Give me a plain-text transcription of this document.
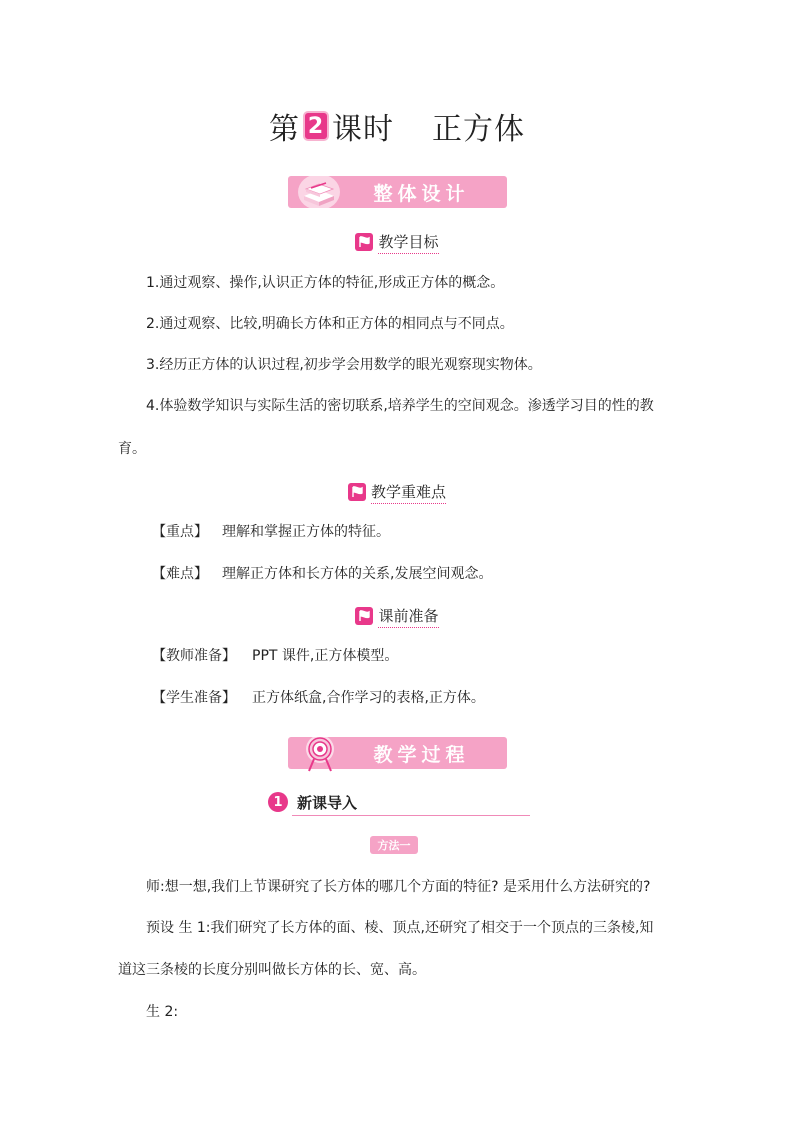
第 2 课时 正方体
整体设计
教学目标
1.通过观察、操作,认识正方体的特征,形成正方体的概念。
2.通过观察、比较,明确长方体和正方体的相同点与不同点。
3.经历正方体的认识过程,初步学会用数学的眼光观察现实物体。
4.体验数学知识与实际生活的密切联系,培养学生的空间观念。渗透学习目的性的教
育。
教学重难点
【重点】 理解和掌握正方体的特征。
【难点】 理解正方体和长方体的关系,发展空间观念。
课前准备
【教师准备】 PPT 课件,正方体模型。
【学生准备】 正方体纸盒,合作学习的表格,正方体。
教学过程
1 新课导入
方法一
师:想一想,我们上节课研究了长方体的哪几个方面的特征? 是采用什么方法研究的?
预设 生 1:我们研究了长方体的面、棱、顶点,还研究了相交于一个顶点的三条棱,知
道这三条棱的长度分别叫做长方体的长、宽、高。
生 2:
